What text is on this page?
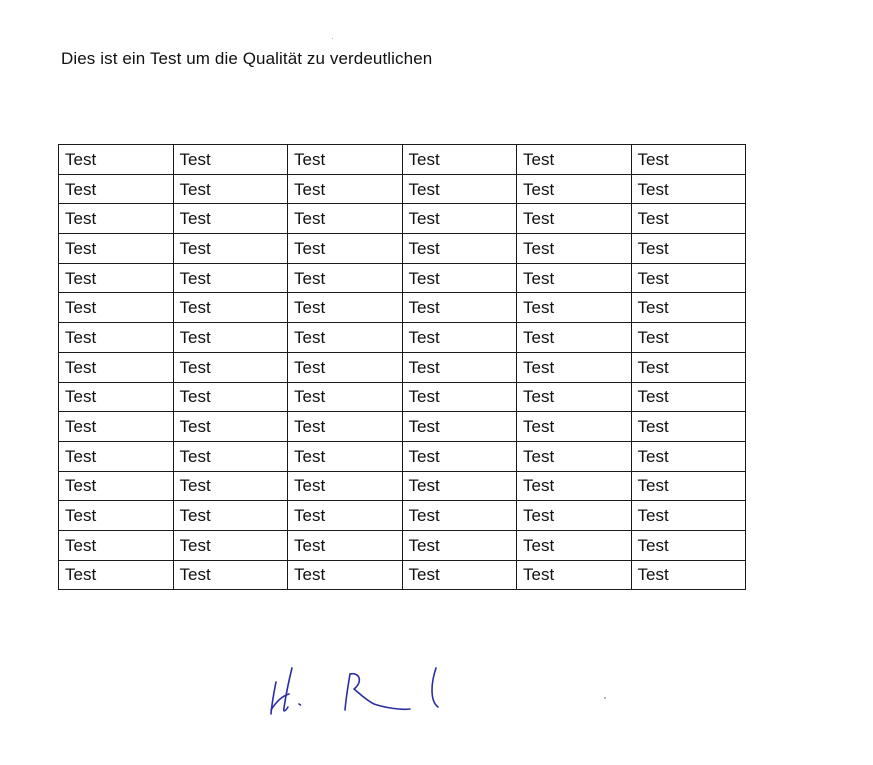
Dies ist ein Test um die Qualität zu verdeutlichen
Test	Test	Test	Test	Test	Test
Test	Test	Test	Test	Test	Test
Test	Test	Test	Test	Test	Test
Test	Test	Test	Test	Test	Test
Test	Test	Test	Test	Test	Test
Test	Test	Test	Test	Test	Test
Test	Test	Test	Test	Test	Test
Test	Test	Test	Test	Test	Test
Test	Test	Test	Test	Test	Test
Test	Test	Test	Test	Test	Test
Test	Test	Test	Test	Test	Test
Test	Test	Test	Test	Test	Test
Test	Test	Test	Test	Test	Test
Test	Test	Test	Test	Test	Test
Test	Test	Test	Test	Test	Test
